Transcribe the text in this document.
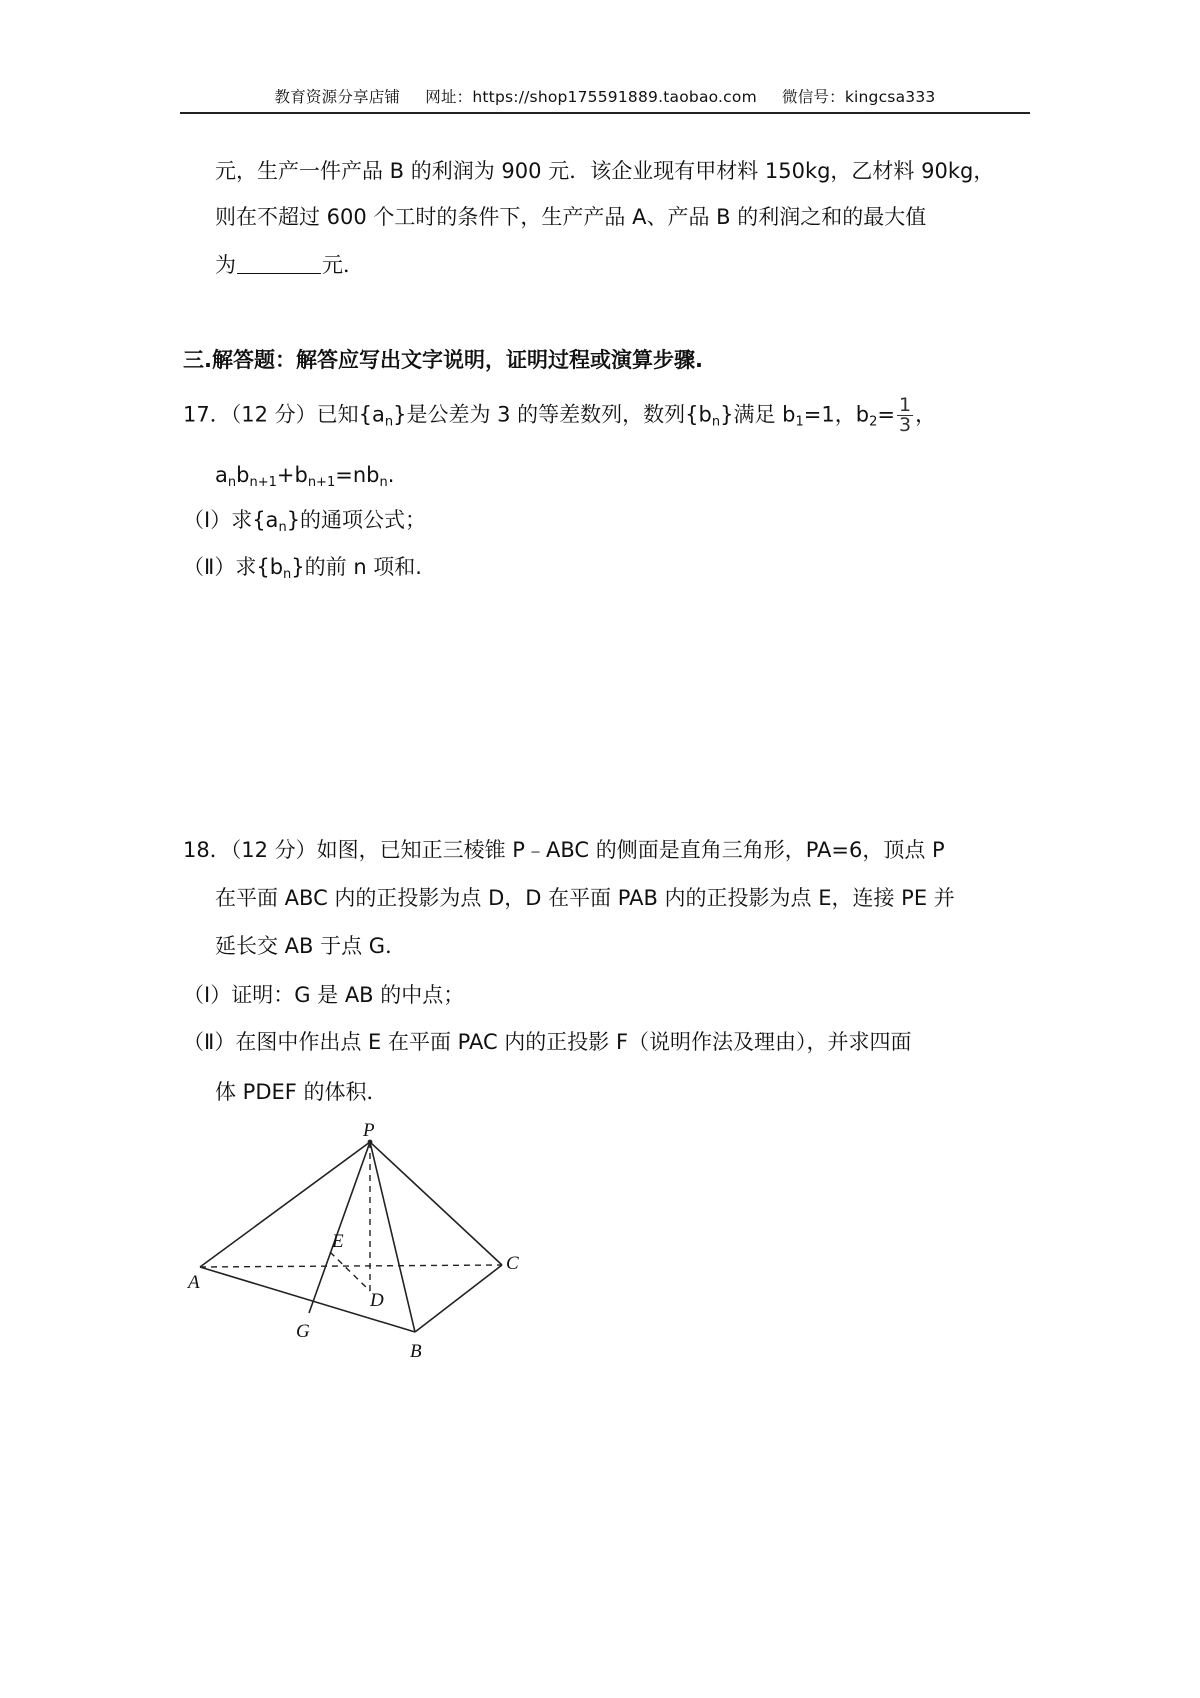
教育资源分享店铺 网址：https://shop175591889.taobao.com 微信号：kingcsa333
元，生产一件产品 B 的利润为 900 元．该企业现有甲材料 150kg，乙材料 90kg，
则在不超过 600 个工时的条件下，生产产品 A、产品 B 的利润之和的最大值
为	元．
三.解答题：解答应写出文字说明，证明过程或演算步骤.
17．（12 分）已知$\{a_n\}$是公差为 3 的等差数列，数列$\{b_n\}$满足 $b_1=1$，$b_2= \frac{1}{3}$ ，
$a_nb_{n+1}+b_{n+1}=nb_n$.
（Ⅰ）求$\{a_n\}$的通项公式；
（Ⅱ）求$\{b_n\}$的前 n 项和.
18．（12 分）如图，已知正三棱锥 P﹣ABC 的侧面是直角三角形，PA=6，顶点 P
在平面 ABC 内的正投影为点 D，D 在平面 PAB 内的正投影为点 E，连接 PE 并
延长交 AB 于点 G．
（Ⅰ）证明：G 是 AB 的中点；
（Ⅱ）在图中作出点 E 在平面 PAC 内的正投影 F（说明作法及理由），并求四面
体 PDEF 的体积．
P
A
B
C
D
E
G
